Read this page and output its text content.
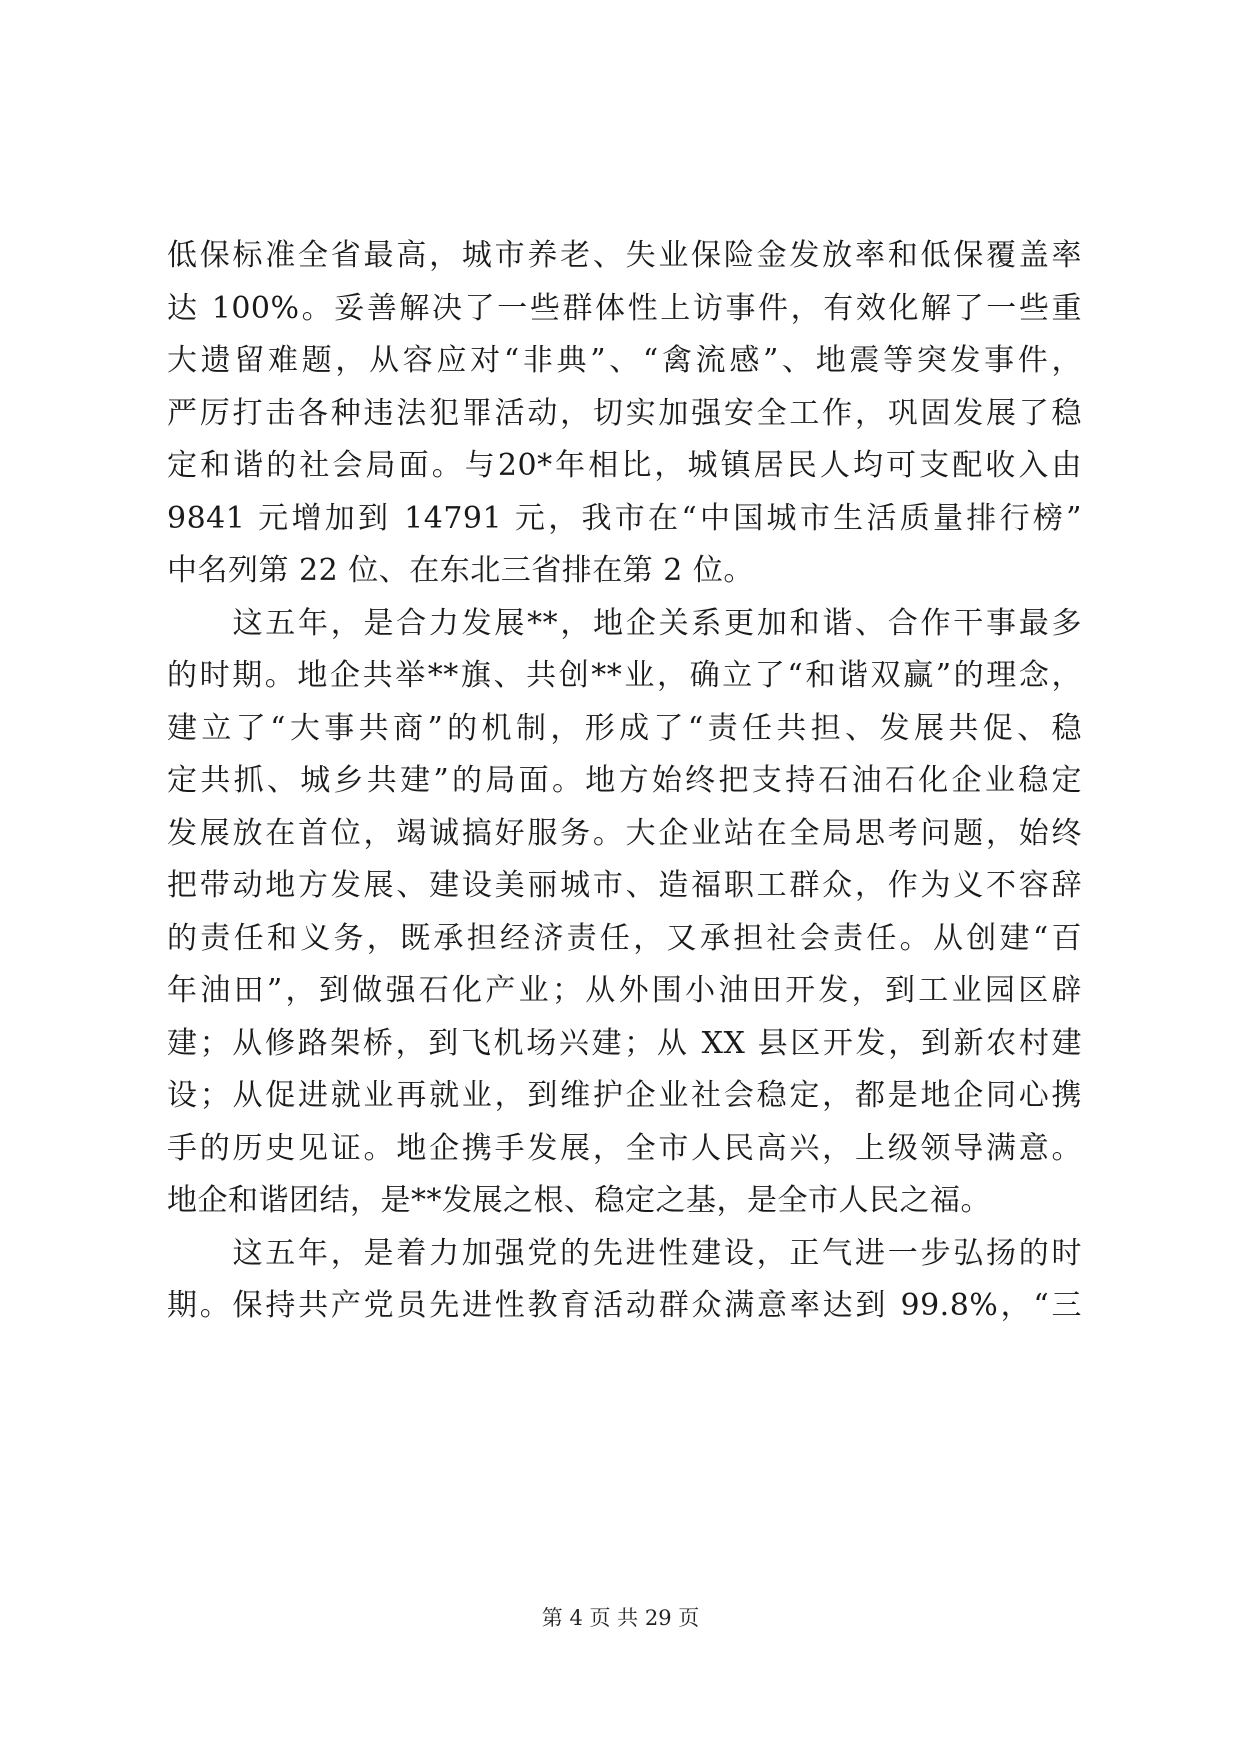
低保标准全省最高，城市养老、失业保险金发放率和低保覆盖率
达 100%。妥善解决了一些群体性上访事件，有效化解了一些重
大遗留难题，从容应对“非典”、“禽流感”、地震等突发事件，
严厉打击各种违法犯罪活动，切实加强安全工作，巩固发展了稳
定和谐的社会局面。与20*年相比，城镇居民人均可支配收入由
9841 元增加到 14791 元，我市在“中国城市生活质量排行榜”
中名列第 22 位、在东北三省排在第 2 位。
　　这五年，是合力发展**，地企关系更加和谐、合作干事最多
的时期。地企共举**旗、共创**业，确立了“和谐双赢”的理念，
建立了“大事共商”的机制，形成了“责任共担、发展共促、稳
定共抓、城乡共建”的局面。地方始终把支持石油石化企业稳定
发展放在首位，竭诚搞好服务。大企业站在全局思考问题，始终
把带动地方发展、建设美丽城市、造福职工群众，作为义不容辞
的责任和义务，既承担经济责任，又承担社会责任。从创建“百
年油田”，到做强石化产业；从外围小油田开发，到工业园区辟
建；从修路架桥，到飞机场兴建；从 XX 县区开发，到新农村建
设；从促进就业再就业，到维护企业社会稳定，都是地企同心携
手的历史见证。地企携手发展，全市人民高兴，上级领导满意。
地企和谐团结，是**发展之根、稳定之基，是全市人民之福。
　　这五年，是着力加强党的先进性建设，正气进一步弘扬的时
期。保持共产党员先进性教育活动群众满意率达到 99.8%，“三
第 4 页 共 29 页
